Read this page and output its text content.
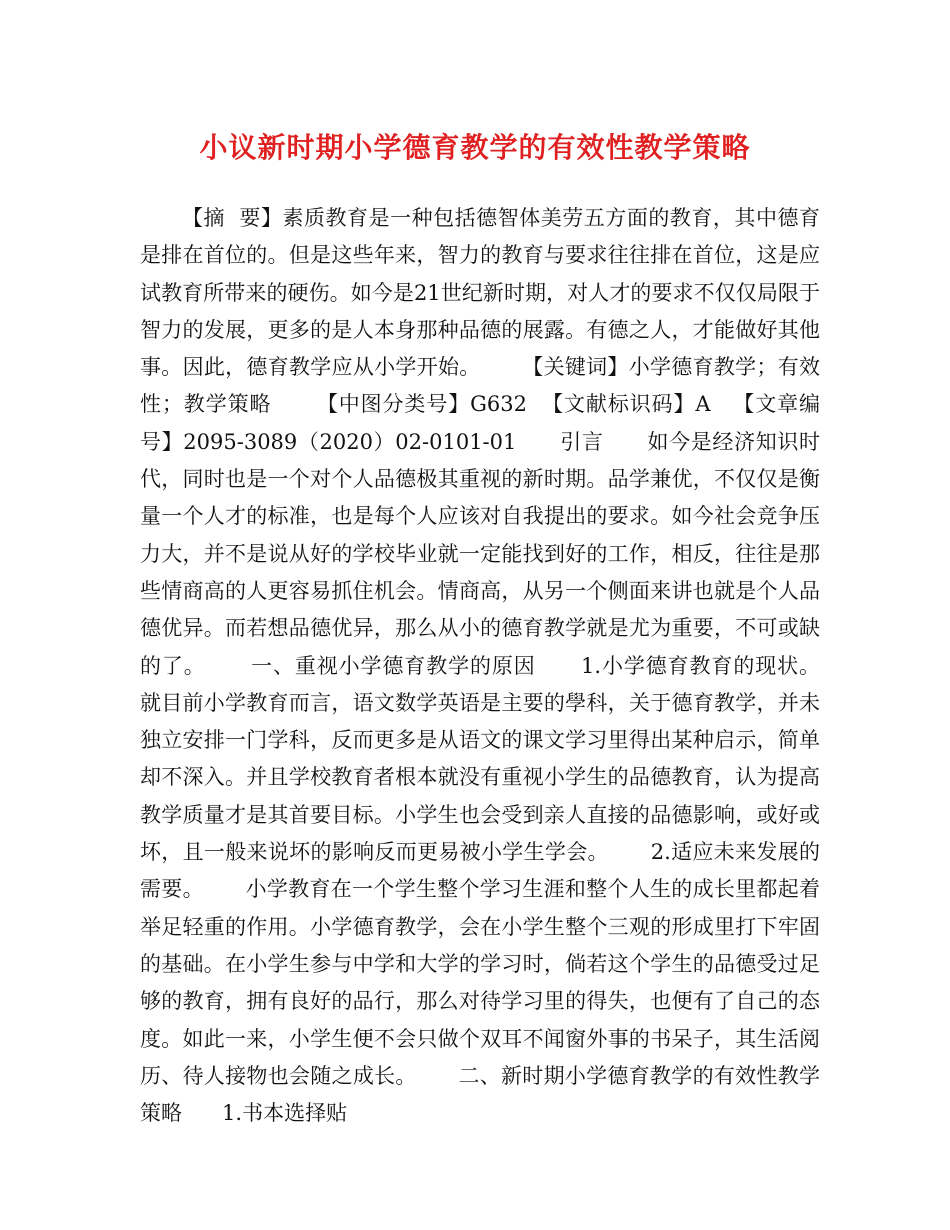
小议新时期小学德育教学的有效性教学策略

【摘  要】素质教育是一种包括德智体美劳五方面的教育，其中德育是排在首位的。但是这些年来，智力的教育与要求往往排在首位，这是应试教育所带来的硬伤。如今是21世纪新时期，对人才的要求不仅仅局限于智力的发展，更多的是人本身那种品德的展露。有德之人，才能做好其他事。因此，德育教学应从小学开始。      【关键词】小学德育教学；有效性；教学策略      【中图分类号】G632  【文献标识码】A   【文章编号】2095-3089（2020）02-0101-01      引言      如今是经济知识时代，同时也是一个对个人品德极其重视的新时期。品学兼优，不仅仅是衡量一个人才的标准，也是每个人应该对自我提出的要求。如今社会竞争压力大，并不是说从好的学校毕业就一定能找到好的工作，相反，往往是那些情商高的人更容易抓住机会。情商高，从另一个侧面来讲也就是个人品德优异。而若想品德优异，那么从小的德育教学就是尤为重要，不可或缺的了。      一、重视小学德育教学的原因      1.小学德育教育的现状。      就目前小学教育而言，语文数学英语是主要的學科，关于德育教学，并未独立安排一门学科，反而更多是从语文的课文学习里得出某种启示，简单却不深入。并且学校教育者根本就没有重视小学生的品德教育，认为提高教学质量才是其首要目标。小学生也会受到亲人直接的品德影响，或好或坏，且一般来说坏的影响反而更易被小学生学会。      2.适应未来发展的需要。      小学教育在一个学生整个学习生涯和整个人生的成长里都起着举足轻重的作用。小学德育教学，会在小学生整个三观的形成里打下牢固的基础。在小学生参与中学和大学的学习时，倘若这个学生的品德受过足够的教育，拥有良好的品行，那么对待学习里的得失，也便有了自己的态度。如此一来，小学生便不会只做个双耳不闻窗外事的书呆子，其生活阅历、待人接物也会随之成长。      二、新时期小学德育教学的有效性教学策略      1.书本选择贴
